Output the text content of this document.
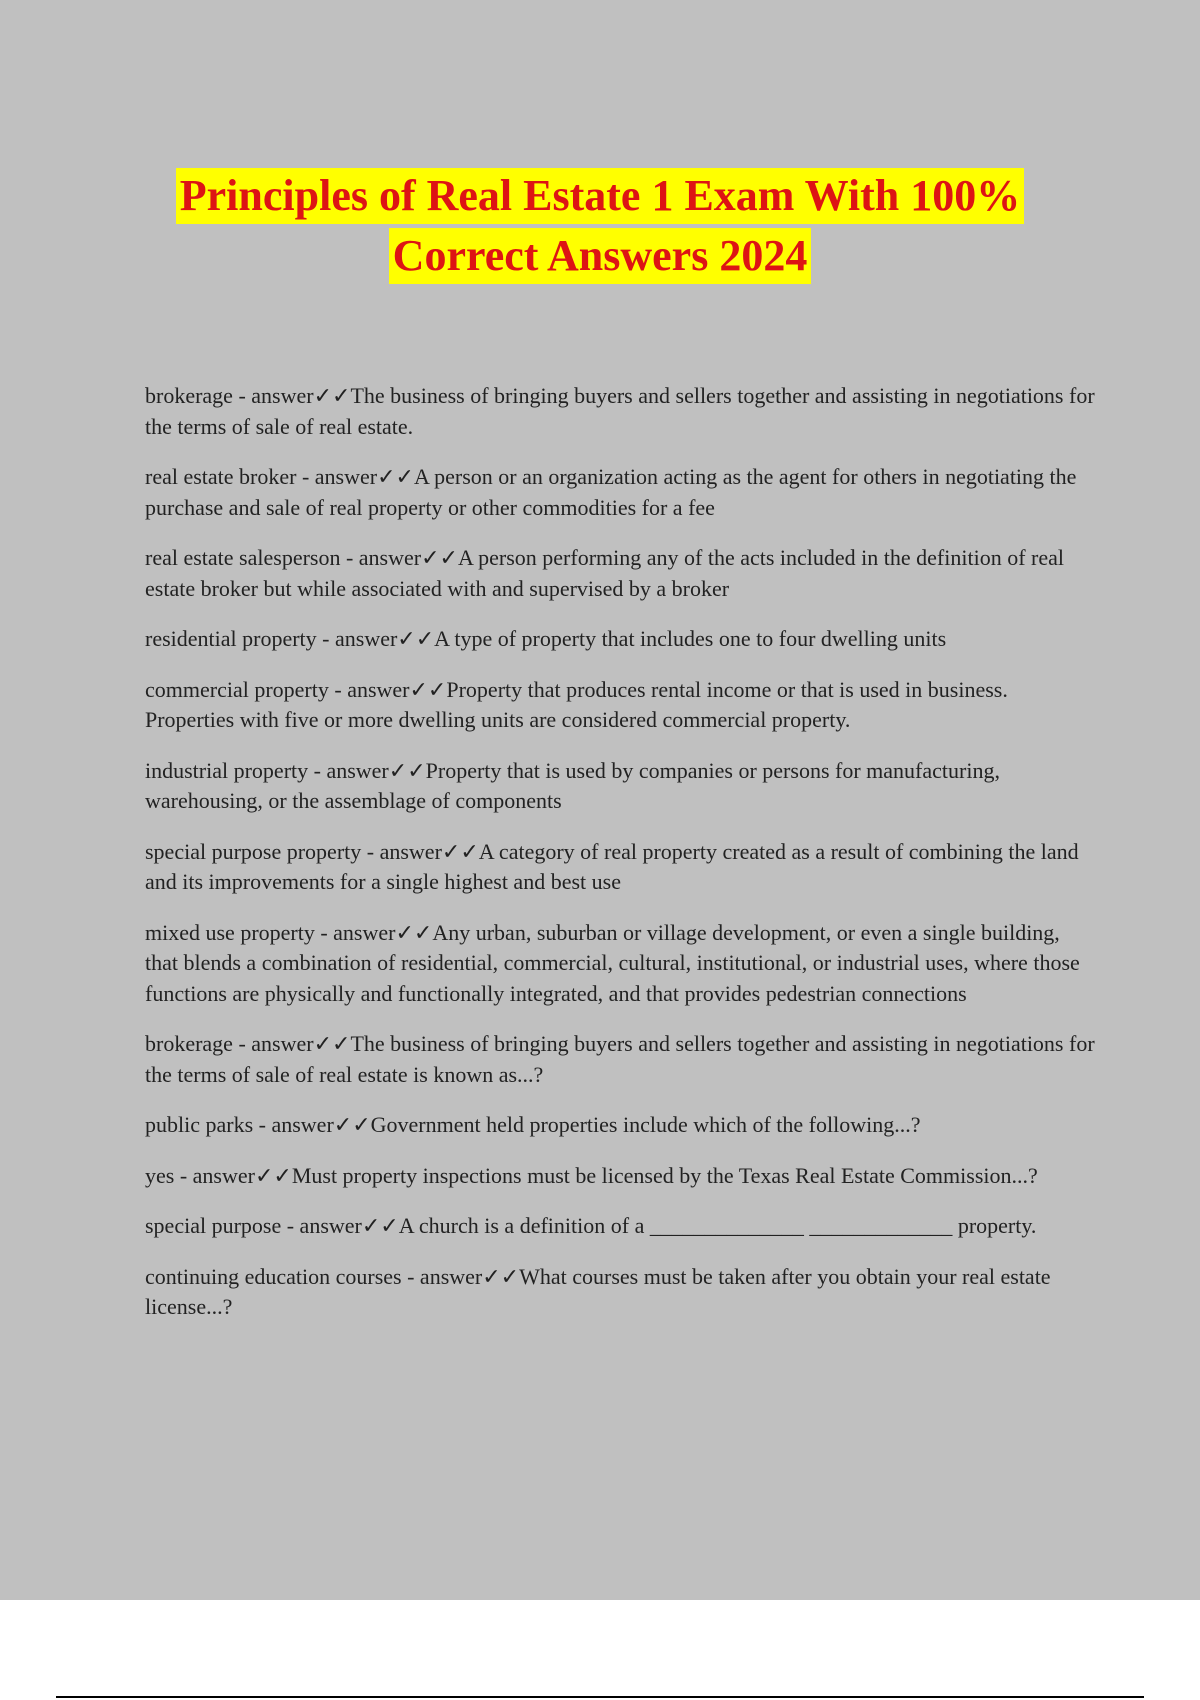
Principles of Real Estate 1 Exam With 100%
Correct Answers 2024

brokerage - answer✓✓The business of bringing buyers and sellers together and assisting in negotiations for the terms of sale of real estate.

real estate broker - answer✓✓A person or an organization acting as the agent for others in negotiating the purchase and sale of real property or other commodities for a fee

real estate salesperson - answer✓✓A person performing any of the acts included in the definition of real estate broker but while associated with and supervised by a broker

residential property - answer✓✓A type of property that includes one to four dwelling units

commercial property - answer✓✓Property that produces rental income or that is used in business. Properties with five or more dwelling units are considered commercial property.

industrial property - answer✓✓Property that is used by companies or persons for manufacturing, warehousing, or the assemblage of components

special purpose property - answer✓✓A category of real property created as a result of combining the land and its improvements for a single highest and best use

mixed use property - answer✓✓Any urban, suburban or village development, or even a single building, that blends a combination of residential, commercial, cultural, institutional, or industrial uses, where those functions are physically and functionally integrated, and that provides pedestrian connections

brokerage - answer✓✓The business of bringing buyers and sellers together and assisting in negotiations for the terms of sale of real estate is known as...?

public parks - answer✓✓Government held properties include which of the following...?

yes - answer✓✓Must property inspections must be licensed by the Texas Real Estate Commission...?

special purpose - answer✓✓A church is a definition of a ______________ _____________ property.

continuing education courses - answer✓✓What courses must be taken after you obtain your real estate license...?
